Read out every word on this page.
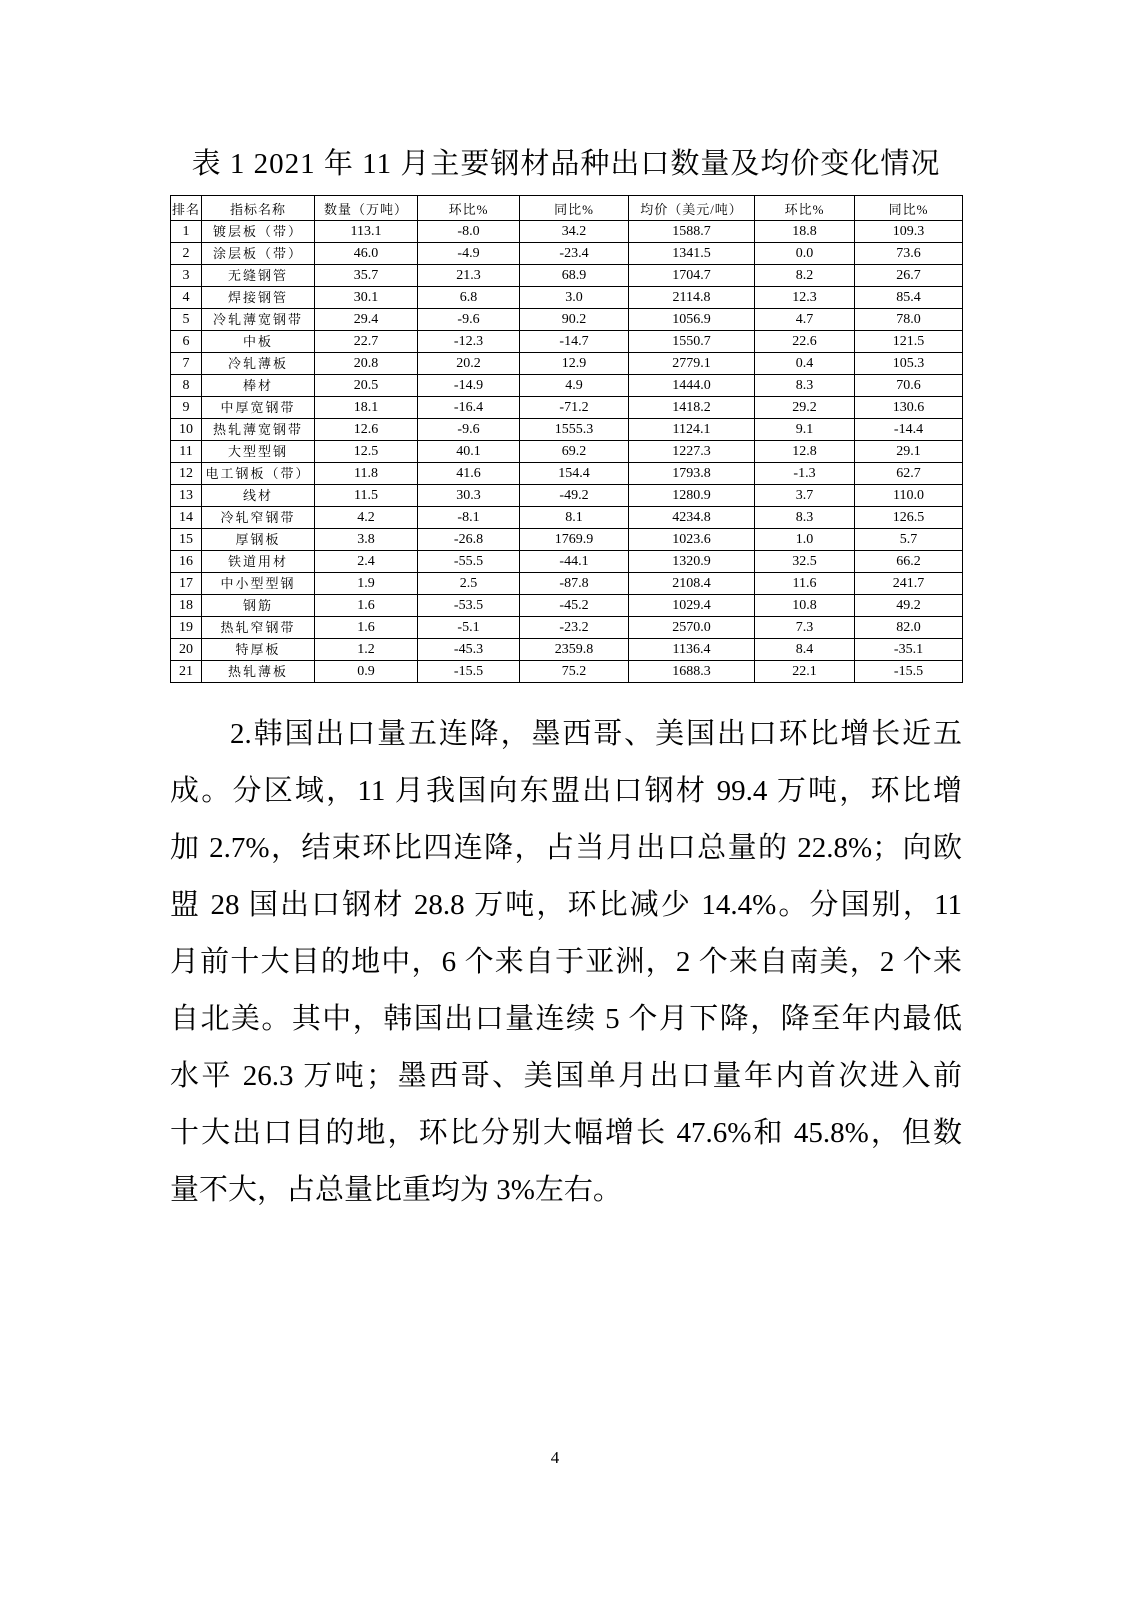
表 1 2021 年 11 月主要钢材品种出口数量及均价变化情况
排名	指标名称	数量（万吨）	环比%	同比%	均价（美元/吨）	环比%	同比%
1	镀层板（带）	113.1	-8.0	34.2	1588.7	18.8	109.3
2	涂层板（带）	46.0	-4.9	-23.4	1341.5	0.0	73.6
3	无缝钢管	35.7	21.3	68.9	1704.7	8.2	26.7
4	焊接钢管	30.1	6.8	3.0	2114.8	12.3	85.4
5	冷轧薄宽钢带	29.4	-9.6	90.2	1056.9	4.7	78.0
6	中板	22.7	-12.3	-14.7	1550.7	22.6	121.5
7	冷轧薄板	20.8	20.2	12.9	2779.1	0.4	105.3
8	棒材	20.5	-14.9	4.9	1444.0	8.3	70.6
9	中厚宽钢带	18.1	-16.4	-71.2	1418.2	29.2	130.6
10	热轧薄宽钢带	12.6	-9.6	1555.3	1124.1	9.1	-14.4
11	大型型钢	12.5	40.1	69.2	1227.3	12.8	29.1
12	电工钢板（带）	11.8	41.6	154.4	1793.8	-1.3	62.7
13	线材	11.5	30.3	-49.2	1280.9	3.7	110.0
14	冷轧窄钢带	4.2	-8.1	8.1	4234.8	8.3	126.5
15	厚钢板	3.8	-26.8	1769.9	1023.6	1.0	5.7
16	铁道用材	2.4	-55.5	-44.1	1320.9	32.5	66.2
17	中小型型钢	1.9	2.5	-87.8	2108.4	11.6	241.7
18	钢筋	1.6	-53.5	-45.2	1029.4	10.8	49.2
19	热轧窄钢带	1.6	-5.1	-23.2	2570.0	7.3	82.0
20	特厚板	1.2	-45.3	2359.8	1136.4	8.4	-35.1
21	热轧薄板	0.9	-15.5	75.2	1688.3	22.1	-15.5
2.韩国出口量五连降，墨西哥、美国出口环比增长近五
成。分区域，11 月我国向东盟出口钢材 99.4 万吨，环比增
加 2.7%，结束环比四连降，占当月出口总量的 22.8%；向欧
盟 28 国出口钢材 28.8 万吨，环比减少 14.4%。分国别，11
月前十大目的地中，6 个来自于亚洲，2 个来自南美，2 个来
自北美。其中，韩国出口量连续 5 个月下降，降至年内最低
水平 26.3 万吨；墨西哥、美国单月出口量年内首次进入前
十大出口目的地，环比分别大幅增长 47.6%和 45.8%，但数
量不大，占总量比重均为 3%左右。
4
